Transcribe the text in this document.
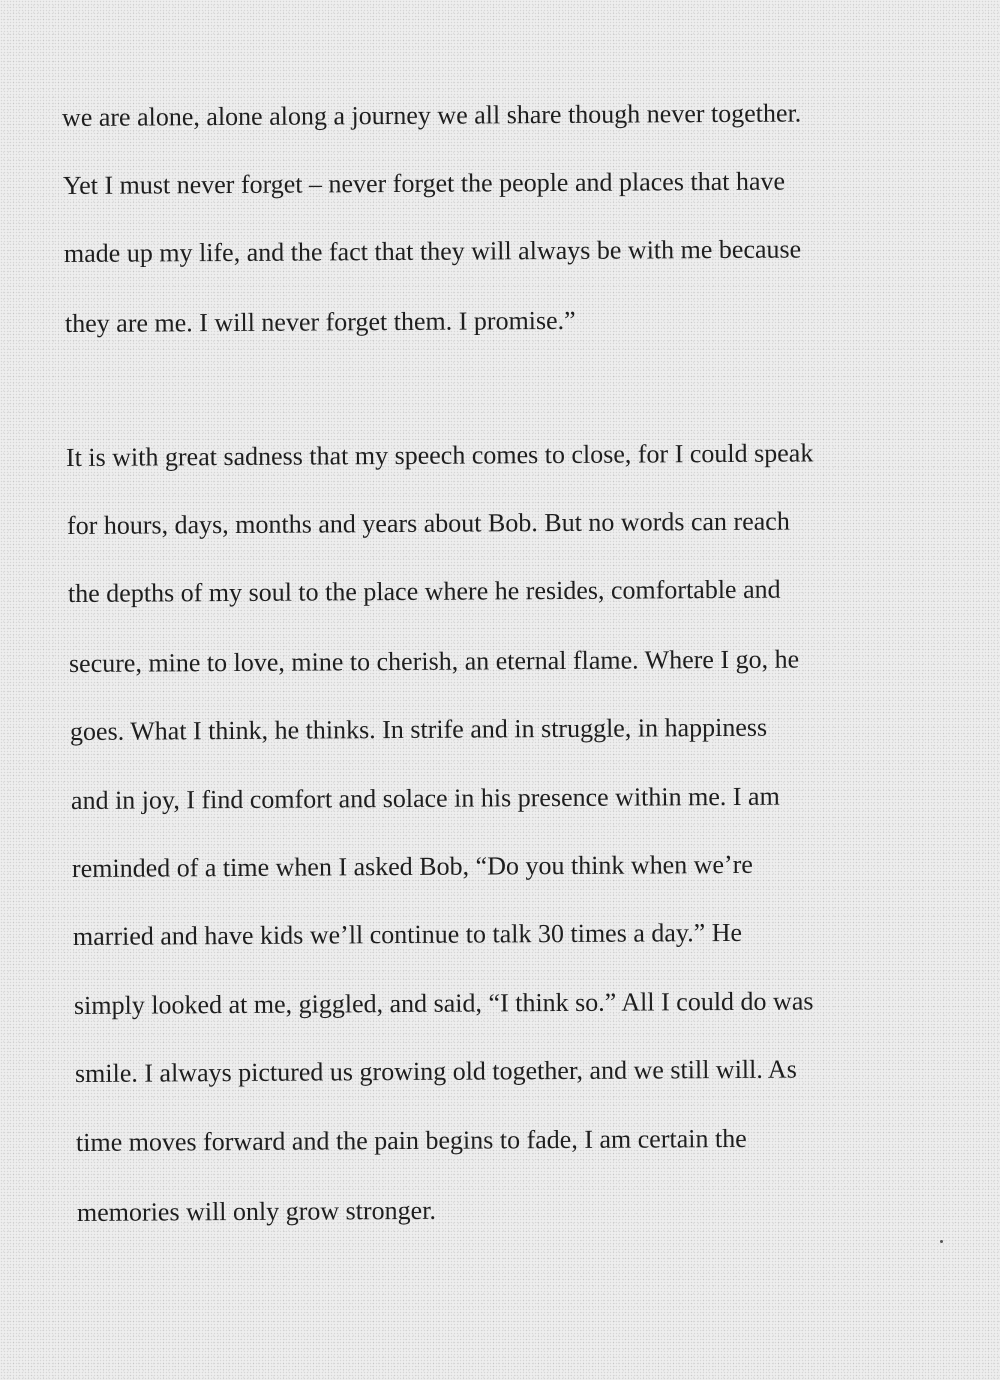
we are alone, alone along a journey we all share though never together.

Yet I must never forget – never forget the people and places that have

made up my life, and the fact that they will always be with me because

they are me. I will never forget them. I promise.”

It is with great sadness that my speech comes to close, for I could speak

for hours, days, months and years about Bob. But no words can reach

the depths of my soul to the place where he resides, comfortable and

secure, mine to love, mine to cherish, an eternal flame. Where I go, he

goes. What I think, he thinks. In strife and in struggle, in happiness

and in joy, I find comfort and solace in his presence within me. I am

reminded of a time when I asked Bob, “Do you think when we’re

married and have kids we’ll continue to talk 30 times a day.” He

simply looked at me, giggled, and said, “I think so.” All I could do was

smile. I always pictured us growing old together, and we still will. As

time moves forward and the pain begins to fade, I am certain the

memories will only grow stronger.
